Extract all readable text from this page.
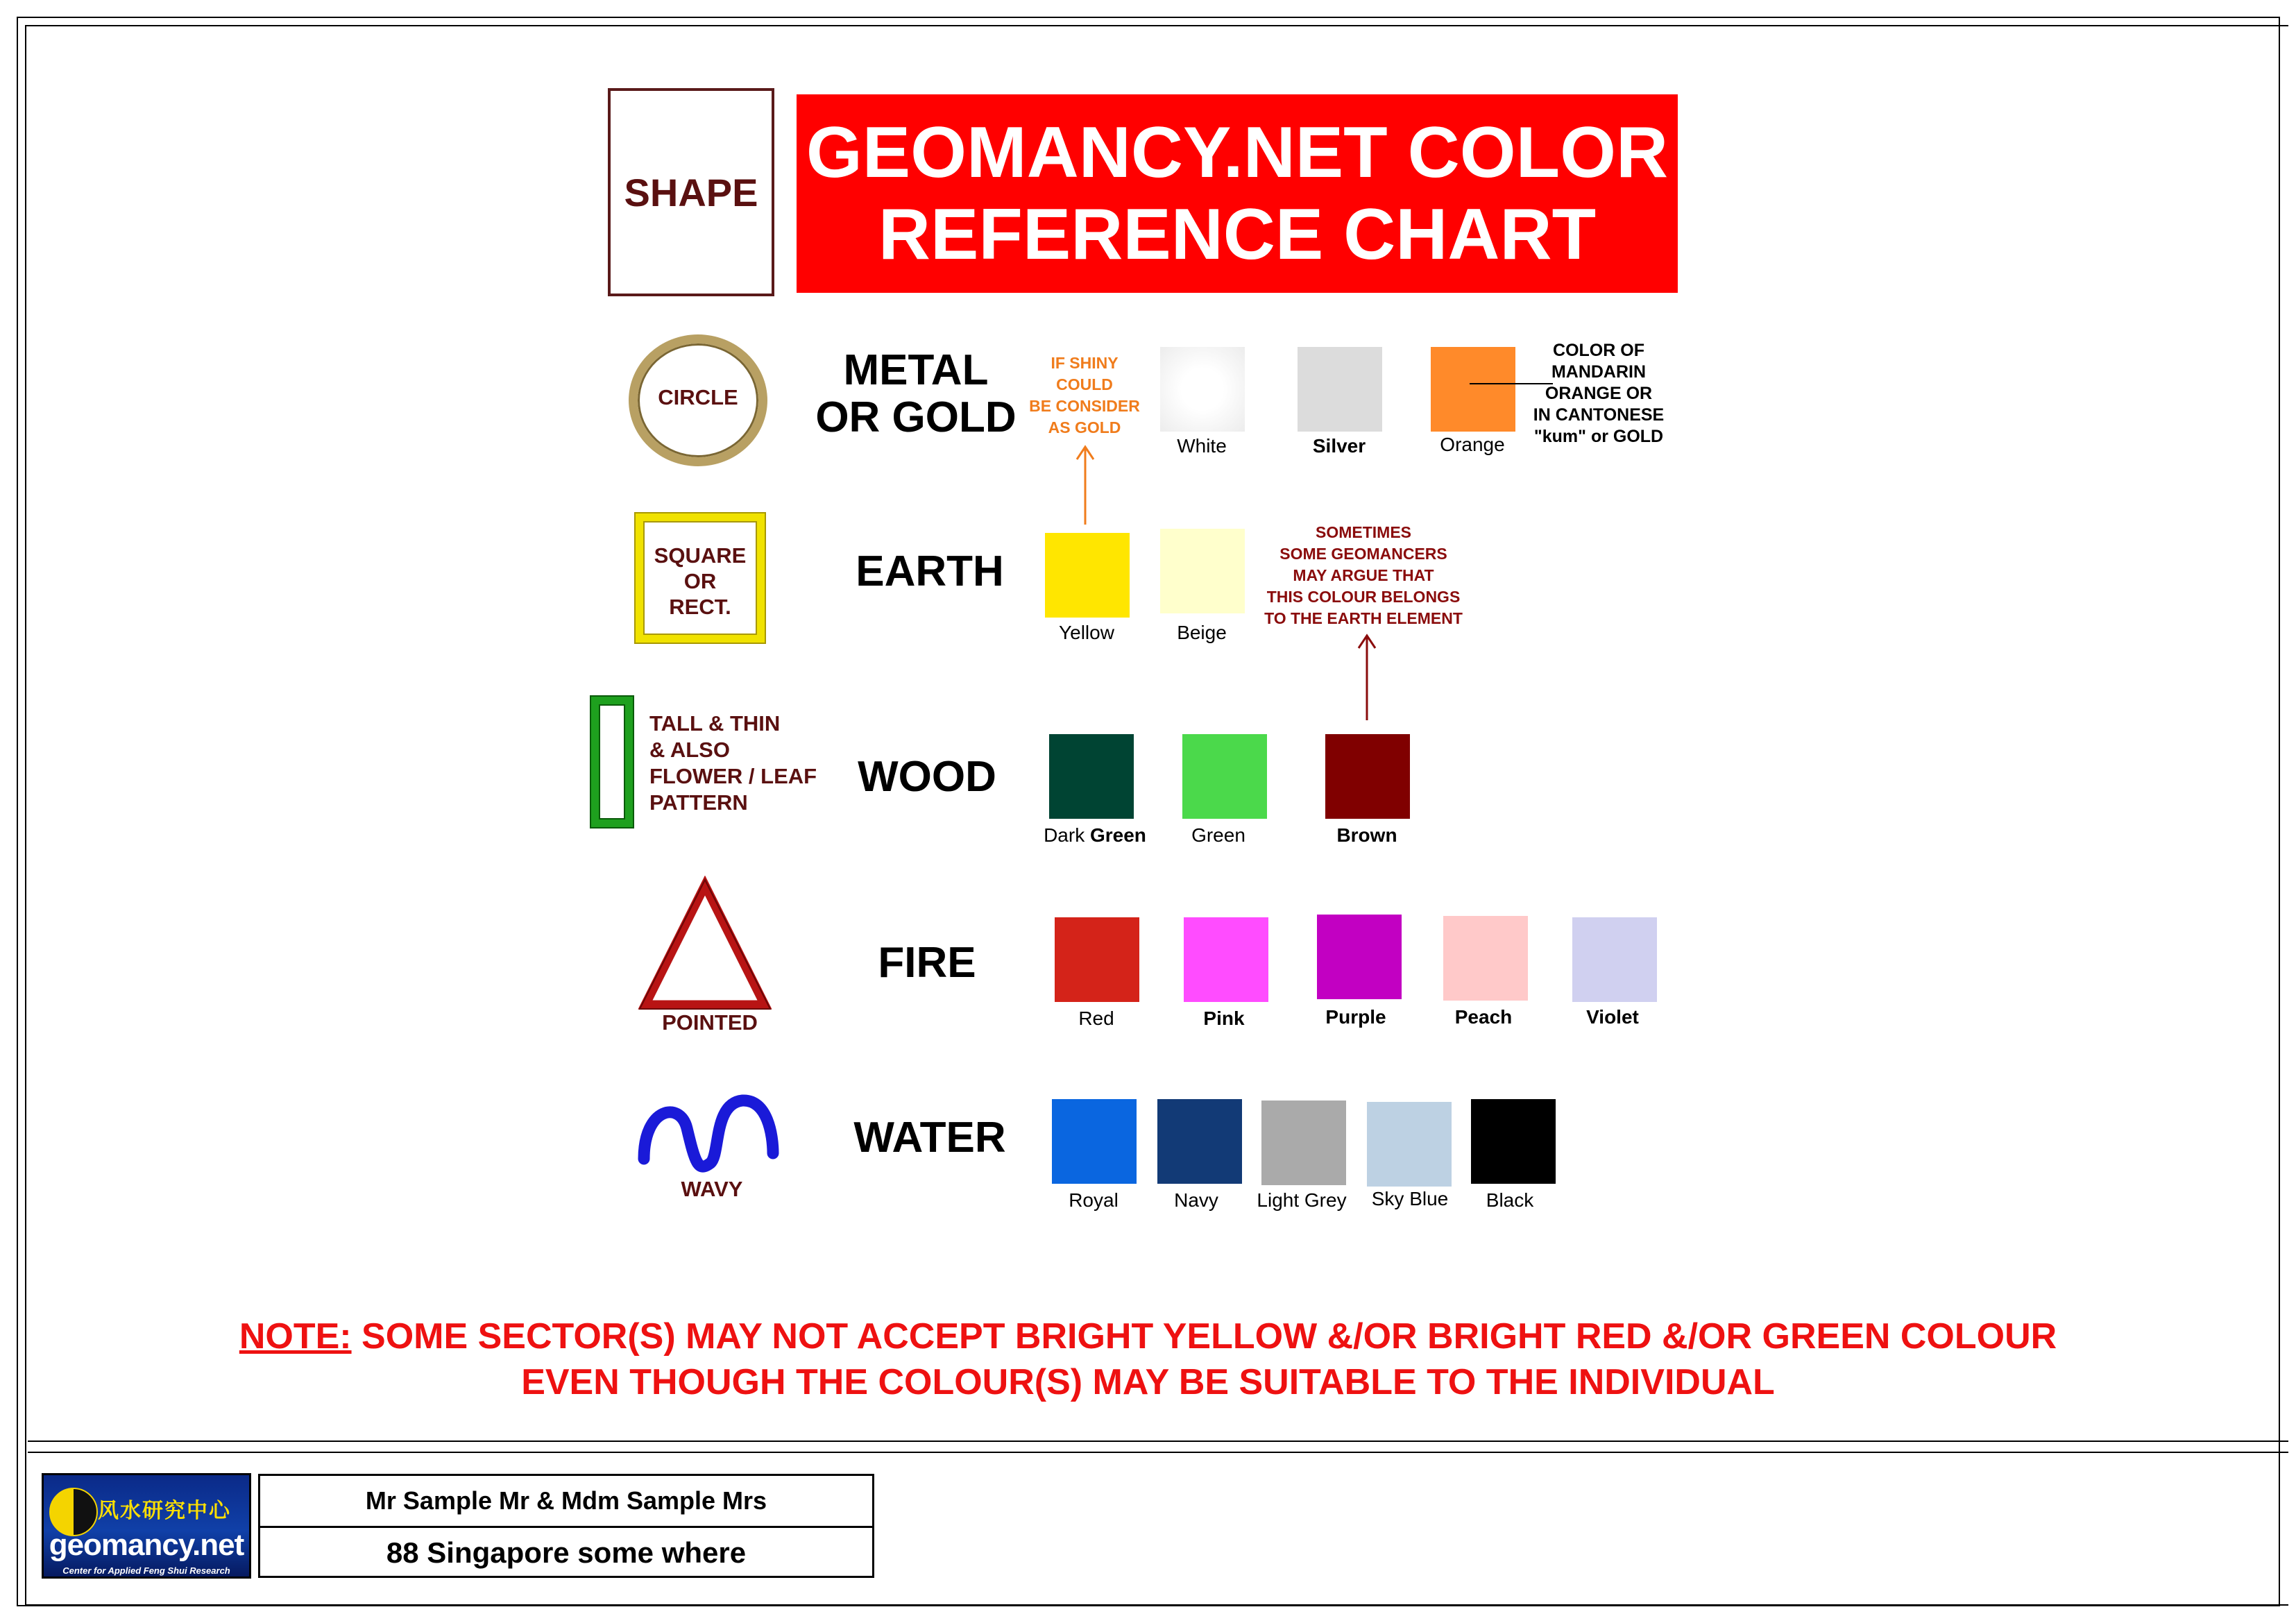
SHAPE GEOMANCY.NET COLOR
REFERENCE CHART
CIRCLE
METAL
OR GOLD
IF SHINY
COULD
BE CONSIDER
AS GOLD
White	Silver	Orange
COLOR OF
MANDARIN
ORANGE OR
IN CANTONESE
"kum" or GOLD
SQUARE
OR
RECT.
EARTH
Yellow	Beige
SOMETIMES
SOME GEOMANCERS
MAY ARGUE THAT
THIS COLOUR BELONGS
TO THE EARTH ELEMENT
TALL & THIN
& ALSO
FLOWER / LEAF
PATTERN
WOOD
Dark Green	Green	Brown
POINTED
FIRE
Red	Pink	Purple	Peach	Violet
WAVY
WATER
Royal	Navy	Light Grey	Sky Blue	Black
NOTE: SOME SECTOR(S) MAY NOT ACCEPT BRIGHT YELLOW &/OR BRIGHT RED &/OR GREEN COLOUR
EVEN THOUGH THE COLOUR(S) MAY BE SUITABLE TO THE INDIVIDUAL
风水研究中心
geomancy.net
Center for Applied Feng Shui Research
Mr Sample Mr & Mdm Sample Mrs
88 Singapore some where
